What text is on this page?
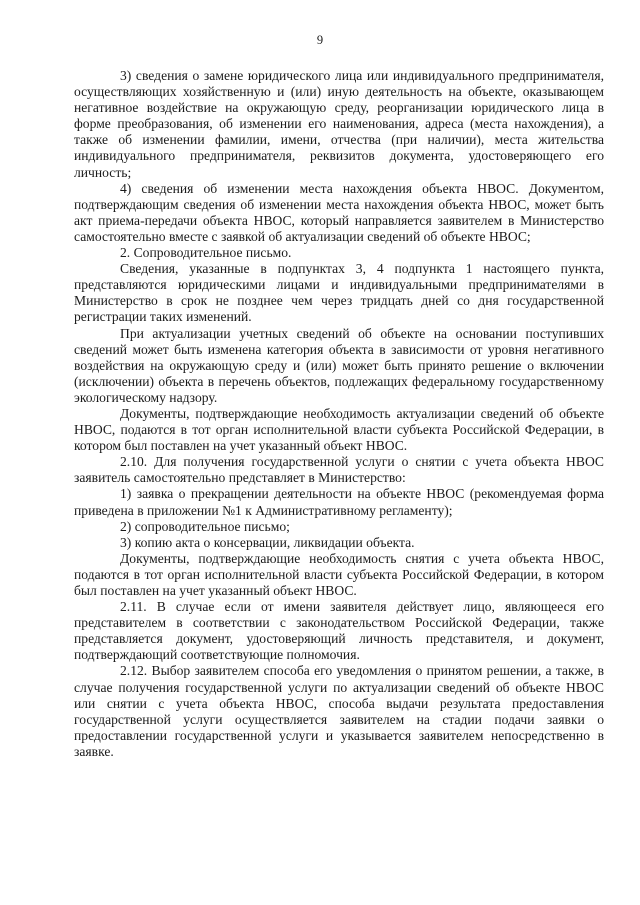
9

3) сведения о замене юридического лица или индивидуального предпринимателя, осуществляющих хозяйственную и (или) иную деятельность на объекте, оказывающем негативное воздействие на окружающую среду, реорганизации юридического лица в форме преобразования, об изменении его наименования, адреса (места нахождения), а также об изменении фамилии, имени, отчества (при наличии), места жительства индивидуального предпринимателя, реквизитов документа, удостоверяющего его личность;

4) сведения об изменении места нахождения объекта НВОС. Документом, подтверждающим сведения об изменении места нахождения объекта НВОС, может быть акт приема-передачи объекта НВОС, который направляется заявителем в Министерство самостоятельно вместе с заявкой об актуализации сведений об объекте НВОС;

2. Сопроводительное письмо.

Сведения, указанные в подпунктах 3, 4 подпункта 1 настоящего пункта, представляются юридическими лицами и индивидуальными предпринимателями в Министерство в срок не позднее чем через тридцать дней со дня государственной регистрации таких изменений.

При актуализации учетных сведений об объекте на основании поступивших сведений может быть изменена категория объекта в зависимости от уровня негативного воздействия на окружающую среду и (или) может быть принято решение о включении (исключении) объекта в перечень объектов, подлежащих федеральному государственному экологическому надзору.

Документы, подтверждающие необходимость актуализации сведений об объекте НВОС, подаются в тот орган исполнительной власти субъекта Российской Федерации, в котором был поставлен на учет указанный объект НВОС.

2.10. Для получения государственной услуги о снятии с учета объекта НВОС заявитель самостоятельно представляет в Министерство:

1) заявка о прекращении деятельности на объекте НВОС (рекомендуемая форма приведена в приложении №1 к Административному регламенту);

2) сопроводительное письмо;

3) копию акта о консервации, ликвидации объекта.

Документы, подтверждающие необходимость снятия с учета объекта НВОС, подаются в тот орган исполнительной власти субъекта Российской Федерации, в котором был поставлен на учет указанный объект НВОС.

2.11. В случае если от имени заявителя действует лицо, являющееся его представителем в соответствии с законодательством Российской Федерации, также представляется документ, удостоверяющий личность представителя, и документ, подтверждающий соответствующие полномочия.

2.12. Выбор заявителем способа его уведомления о принятом решении, а также, в случае получения государственной услуги по актуализации сведений об объекте НВОС или снятии с учета объекта НВОС, способа выдачи результата предоставления государственной услуги осуществляется заявителем на стадии подачи заявки о предоставлении государственной услуги и указывается заявителем непосредственно в заявке.
